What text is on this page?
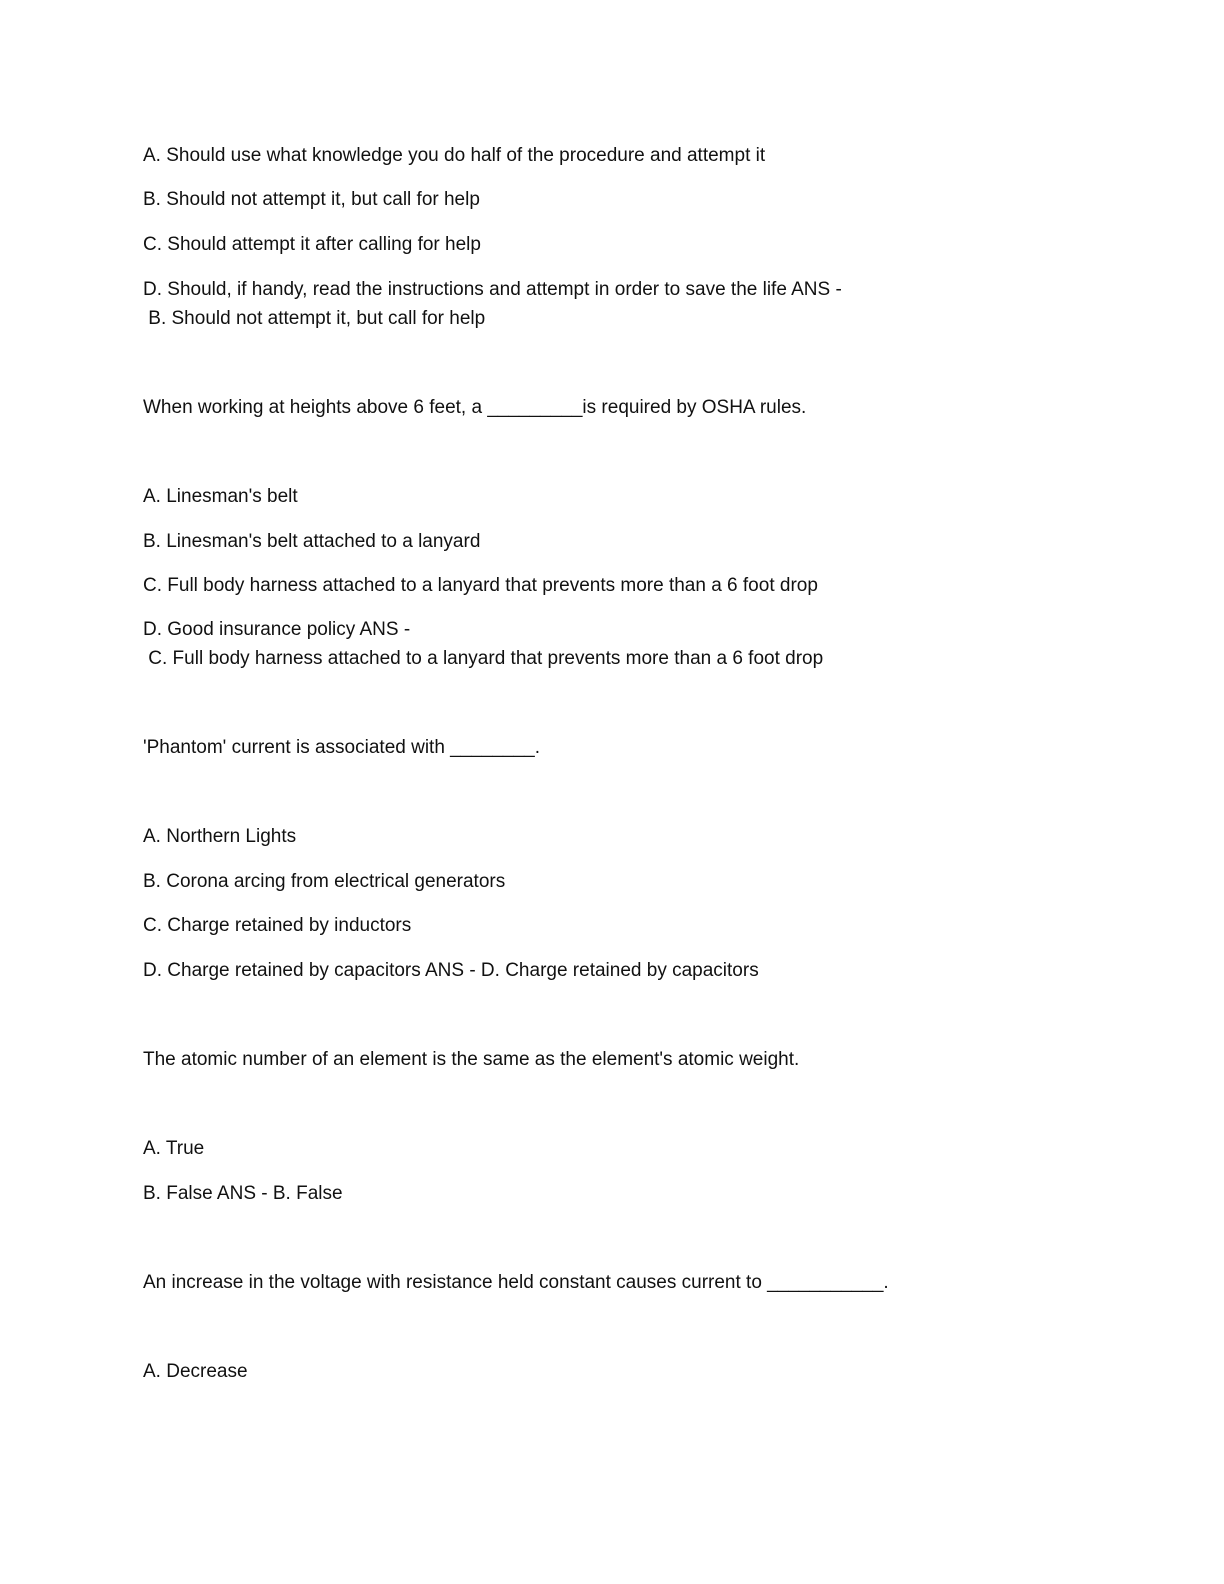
A. Should use what knowledge you do half of the procedure and attempt it
B. Should not attempt it, but call for help
C. Should attempt it after calling for help
D. Should, if handy, read the instructions and attempt in order to save the life ANS -
B. Should not attempt it, but call for help
When working at heights above 6 feet, a _________is required by OSHA rules.
A. Linesman's belt
B. Linesman's belt attached to a lanyard
C. Full body harness attached to a lanyard that prevents more than a 6 foot drop
D. Good insurance policy ANS -
C. Full body harness attached to a lanyard that prevents more than a 6 foot drop
'Phantom' current is associated with ________.
A. Northern Lights
B. Corona arcing from electrical generators
C. Charge retained by inductors
D. Charge retained by capacitors ANS - D. Charge retained by capacitors
The atomic number of an element is the same as the element's atomic weight.
A. True
B. False ANS - B. False
An increase in the voltage with resistance held constant causes current to ___________.
A. Decrease
